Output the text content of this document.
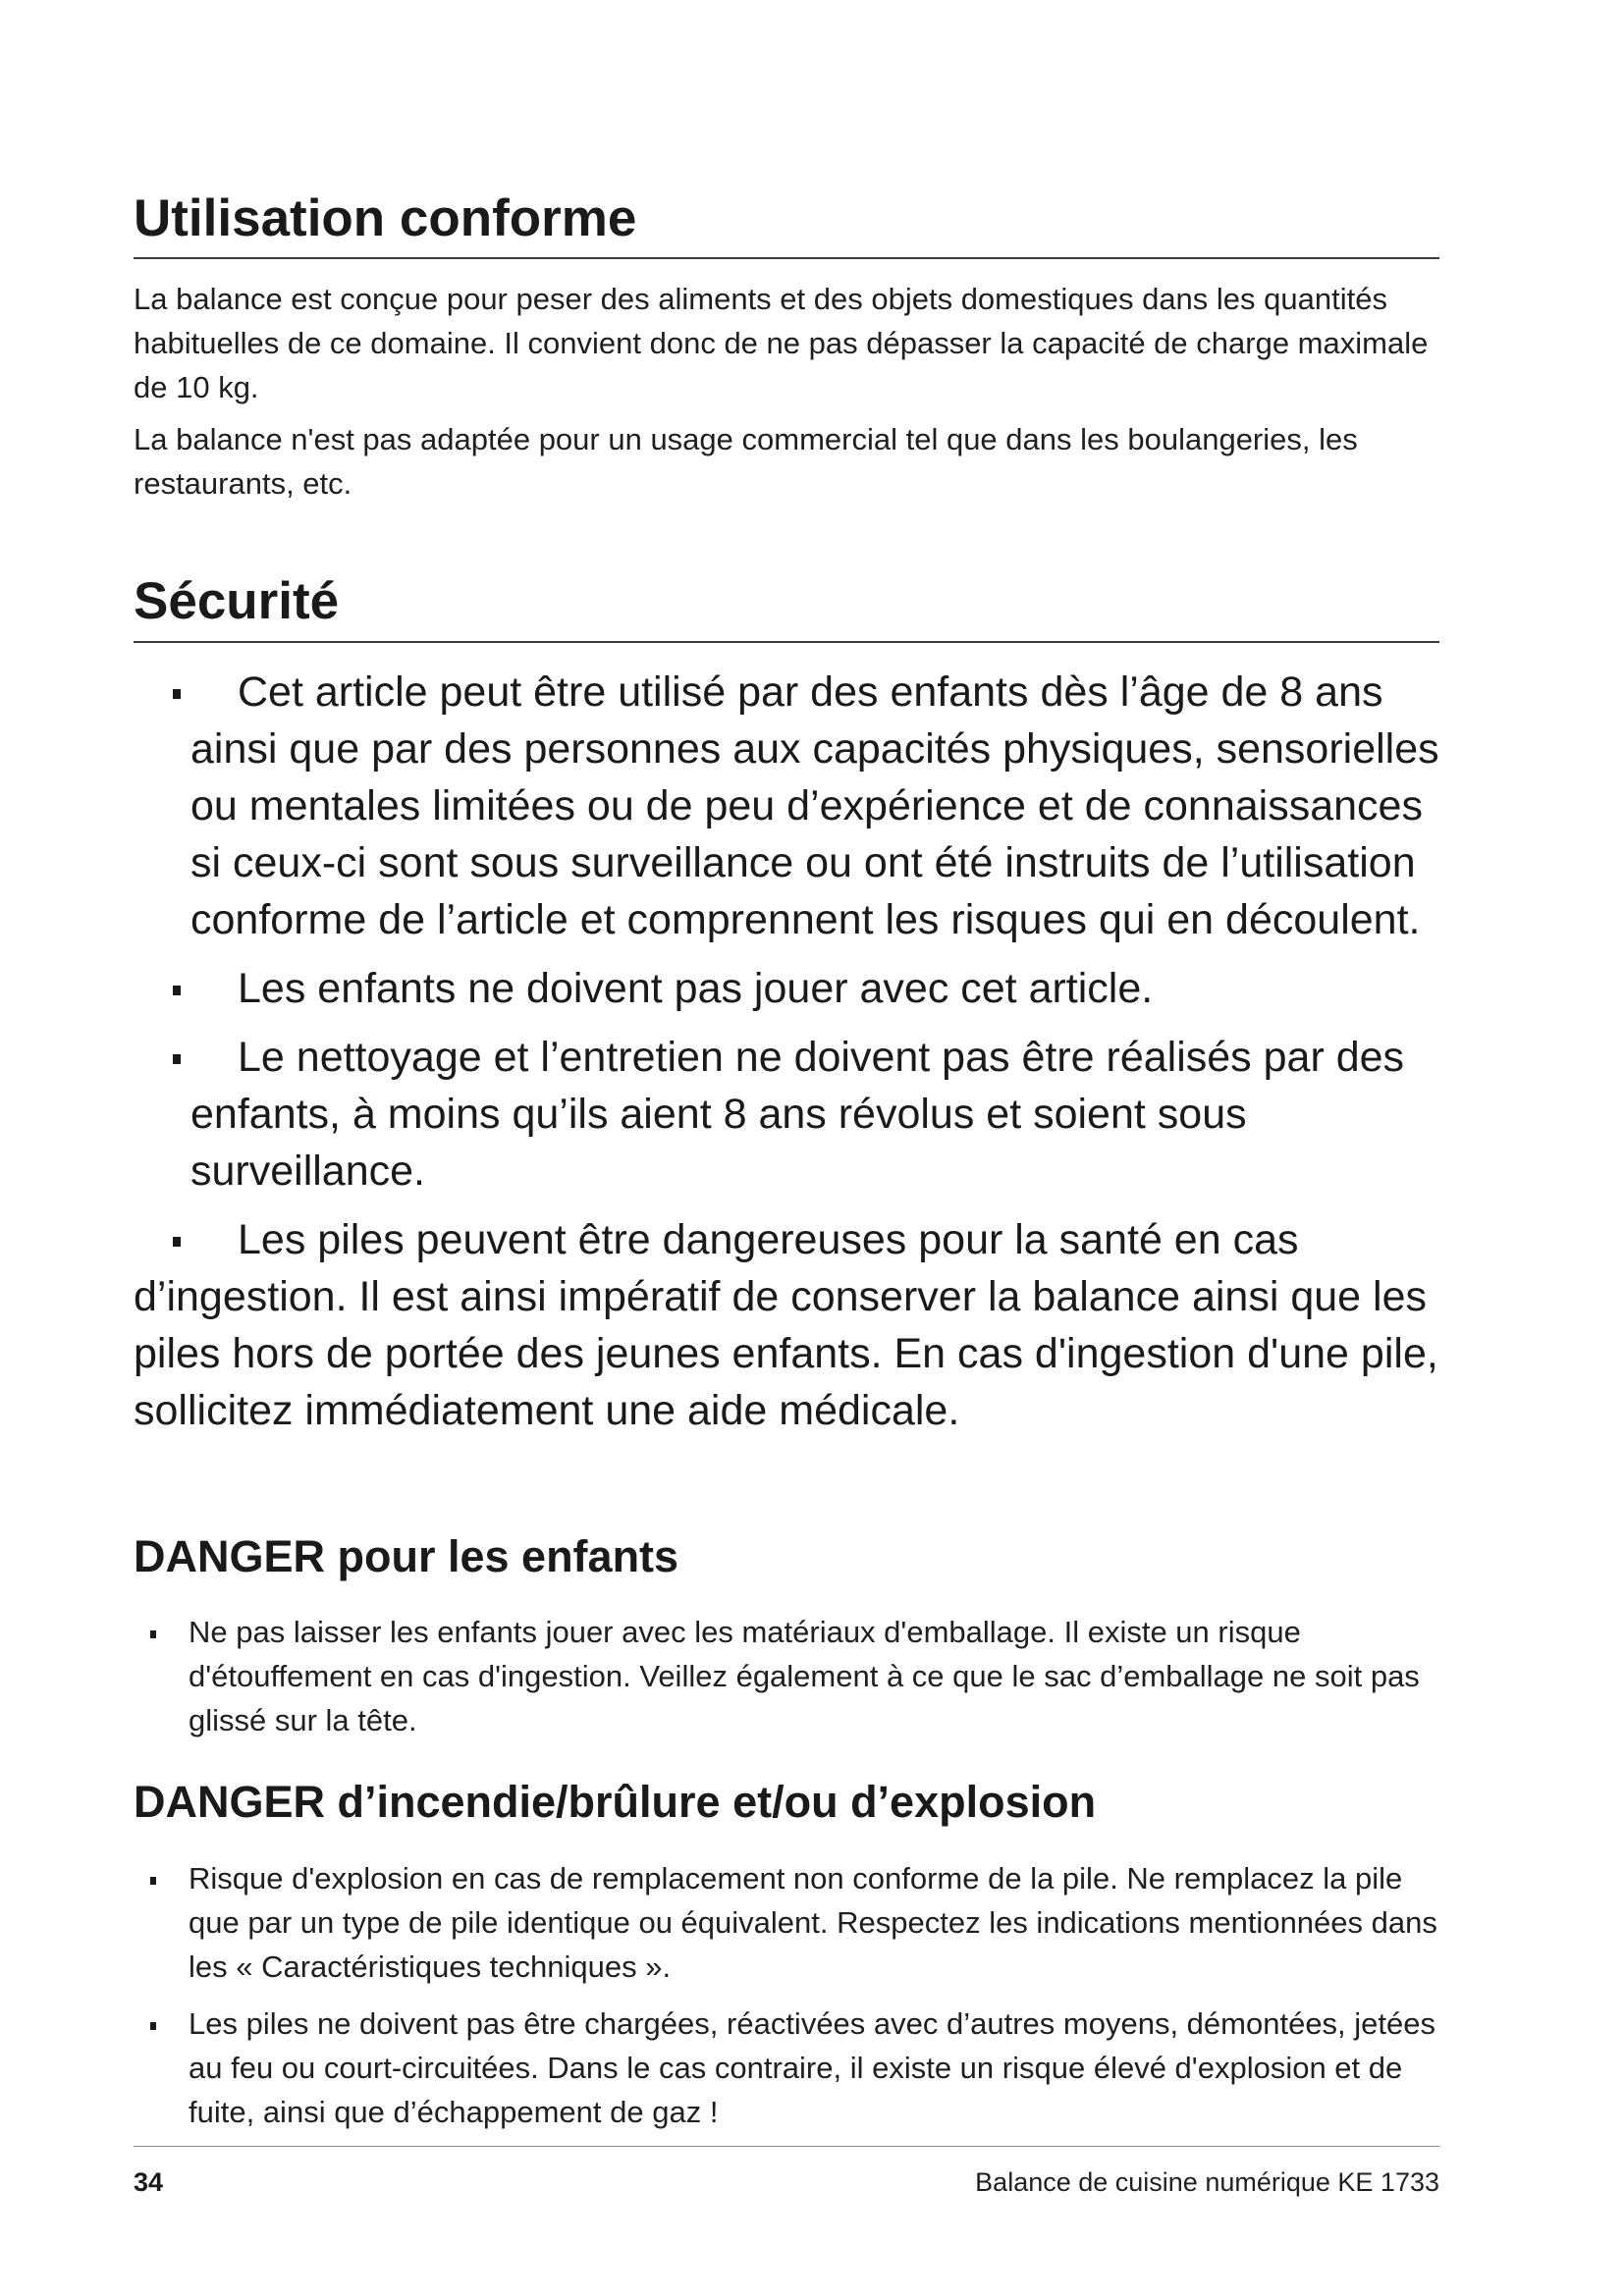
Utilisation conforme

La balance est conçue pour peser des aliments et des objets domestiques dans les quantités habituelles de ce domaine. Il convient donc de ne pas dépasser la capacité de charge maximale de 10 kg.

La balance n'est pas adaptée pour un usage commercial tel que dans les boulangeries, les restaurants, etc.

Sécurité
Cet article peut être utilisé par des enfants dès l’âge de 8 ans ainsi que par des personnes aux capacités physiques, sensorielles ou mentales limitées ou de peu d’expérience et de connaissances si ceux-ci sont sous surveillance ou ont été instruits de l’utilisation conforme de l’article et comprennent les risques qui en découlent.
Les enfants ne doivent pas jouer avec cet article.
Le nettoyage et l’entretien ne doivent pas être réalisés par des enfants, à moins qu’ils aient 8 ans révolus et soient sous surveillance.
Les piles peuvent être dangereuses pour la santé en cas d’ingestion. Il est ainsi impératif de conserver la balance ainsi que les piles hors de portée des jeunes enfants. En cas d'ingestion d'une pile, sollicitez immédiatement une aide médicale.
DANGER pour les enfants
Ne pas laisser les enfants jouer avec les matériaux d'emballage. Il existe un risque d'étouffement en cas d'ingestion. Veillez également à ce que le sac d’emballage ne soit pas glissé sur la tête.
DANGER d’incendie/brûlure et/ou d’explosion
Risque d'explosion en cas de remplacement non conforme de la pile. Ne remplacez la pile que par un type de pile identique ou équivalent. Respectez les indications mentionnées dans les « Caractéristiques techniques ».
Les piles ne doivent pas être chargées, réactivées avec d’autres moyens, démontées, jetées au feu ou court-circuitées. Dans le cas contraire, il existe un risque élevé d'explosion et de fuite, ainsi que d’échappement de gaz !
34	Balance de cuisine numérique KE 1733
